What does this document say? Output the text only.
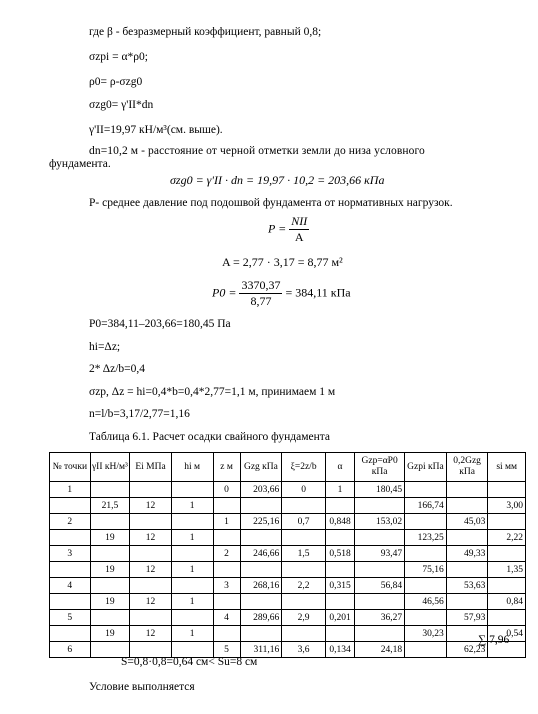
где β - безразмерный коэффициент, равный 0,8;
σzpi = α*ρ0;
ρ0= ρ-σzg0
σzg0= γ'II*dn
γ'II=19,97 кН/м³(см. выше).
dn=10,2 м - расстояние от черной отметки земли до низа условного
фундамента.
σzg0 = γ'II · dn = 19,97 · 10,2 = 203,66 кПа
Р- среднее давление под подошвой фундамента от нормативных нагрузок.
$P = \frac{\text{NII}}{A}$
A = 2,77 · 3,17 = 8,77 м²
$P0 = \frac{3370,37}{8,77} = 384,11$ кПа
P0=384,11–203,66=180,45 Па
hi=Δz;
2* Δz/b=0,4
σzp, Δz = hi=0,4*b=0,4*2,77=1,1 м, принимаем 1 м
n=l/b=3,17/2,77=1,16
Таблица 6.1. Расчет осадки свайного фундамента
№ точки	γII кН/м³	Ei МПа	hi м	z м	Gzg кПа	ξ=2z/b	α	Gzp=αP0 кПа	Gzpi кПа	0,2Gzg кПа	si мм
1				0	203,66	0	1	180,45			
	21,5	12	1						166,74		3,00
2				1	225,16	0,7	0,848	153,02		45,03	
	19	12	1						123,25		2,22
3				2	246,66	1,5	0,518	93,47		49,33	
	19	12	1						75,16		1,35
4				3	268,16	2,2	0,315	56,84		53,63	
	19	12	1						46,56		0,84
5				4	289,66	2,9	0,201	36,27		57,93	
	19	12	1						30,23		0,54
6				5	311,16	3,6	0,134	24,18		62,23	
∑ 7,96
S=0,8·0,8=0,64 см< Su=8 см
Условие выполняется
